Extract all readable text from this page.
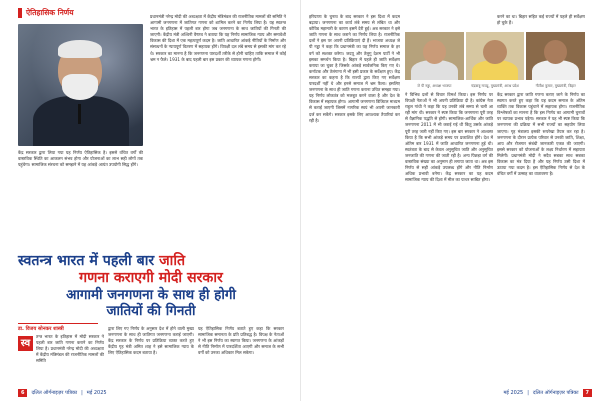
ऐतिहासिक निर्णय

केंद्र सरकार द्वारा लिया गया यह निर्णय ऐतिहासिक है। इससे वंचित वर्गों की वास्तविक स्थिति का आकलन संभव होगा और योजनाओं का लाभ सही लोगों तक पहुंचेगा। सामाजिक संरचना को समझने में यह आंकड़े अत्यंत उपयोगी सिद्ध होंगे।

प्रधानमंत्री नरेन्द्र मोदी की अध्यक्षता में केंद्रीय मंत्रिमंडल की राजनीतिक मामलों की समिति ने आगामी जनगणना में जातिगत गणना को शामिल करने का निर्णय लिया है। यह स्वतन्त्र भारत के इतिहास में पहली बार होगा जब जनगणना के साथ जातियों की गिनती की जाएगी। केंद्रीय मंत्री अश्विनी वैष्णव ने बताया कि यह निर्णय सामाजिक न्याय और समावेशी विकास की दिशा में एक महत्वपूर्ण कदम है। जाति आधारित आंकड़े नीतियों के निर्माण और संसाधनों के न्यायपूर्ण वितरण में सहायक होंगे। विपक्षी दल लंबे समय से इसकी मांग कर रहे थे। सरकार का मानना है कि जनगणना पारदर्शी तरीके से होनी चाहिए ताकि समाज में कोई भ्रम न फैले। 1931 के बाद पहली बार इस प्रकार की व्यापक गणना होगी।

स्वतन्त्र भारत में पहली बार जाति
गणना कराएगी मोदी सरकार
आगामी जनगणना के साथ ही होगी
जातियों की गिनती
डा. विजय सोनकर शास्त्री
स्व

तन्त्र भारत के इतिहास में मोदी सरकार ने पहली बार जाति गणना कराने का निर्णय लिया है। प्रधानमंत्री नरेन्द्र मोदी की अध्यक्षता में केंद्रीय मंत्रिमंडल की राजनीतिक मामलों की समिति

द्वारा लिए गए निर्णय के अनुसार देश में होने वाली मुख्य जनगणना के साथ ही जातिगत जनगणना कराई जाएगी। केंद्र सरकार के निर्णय पर प्रतिक्रिया व्यक्त करते हुए केंद्रीय गृह मंत्री अमित शाह ने इसे सामाजिक न्याय के लिए ऐतिहासिक कदम बताया है।

यह ऐतिहासिक निर्णय बताते हुए कहा कि सरकार सामाजिक समानता के प्रति प्रतिबद्ध है। विपक्ष के नेताओं ने भी इस निर्णय का स्वागत किया। जनगणना के आंकड़ों से नीति निर्माण में पारदर्शिता आएगी और समाज के सभी वर्गों को उनका अधिकार मिल सकेगा।

6	दलित ऑर्गनाइज़र पत्रिका | मई 2025

हरियाणा के चुनाव के बाद सरकार ने इस दिशा में कदम बढ़ाया। जनगणना का कार्य लंबे समय से लंबित था और कोविड महामारी के कारण इसमें देरी हुई। अब सरकार ने इसे जाति गणना के साथ कराने का निर्णय लिया है। राजनीतिक दलों ने इस पर अपनी प्रतिक्रियाएं दी हैं। भाजपा अध्यक्ष जे पी नड्डा ने कहा कि प्रधानमंत्री का यह निर्णय समाज के हर वर्ग को सशक्त करेगा। जदयू और तेलुगु देशम पार्टी ने भी इसका समर्थन किया है। बिहार में पहले ही जाति सर्वेक्षण कराया जा चुका है जिसके आंकड़े सार्वजनिक किए गए थे। कर्नाटक और तेलंगाना में भी इसी प्रकार के सर्वेक्षण हुए। केंद्र सरकार का कहना है कि राज्यों द्वारा किए गए सर्वेक्षण पारदर्शी नहीं थे और इनसे समाज में भ्रम फैला। इसलिए जनगणना के साथ ही जाति गणना कराना उचित समझा गया। यह निर्णय लोकतंत्र को मजबूत करने वाला है और देश के विकास में सहायक होगा। आगामी जनगणना डिजिटल माध्यम से कराई जाएगी जिसमें नागरिक स्वयं भी अपनी जानकारी दर्ज कर सकेंगे। सरकार इसके लिए आवश्यक तैयारियां कर रही है।

करने का था। बिहार सहित कई राज्यों में पहले ही सर्वेक्षण हो चुके हैं।

जे पी नड्डा, अध्यक्ष भाजपा	चंद्रबाबू नायडू, मुख्यमंत्री, आन्ध्र प्रदेश	नीतीश कुमार, मुख्यमंत्री, बिहार

ने विभिन्न दलों से विचार विमर्श किया। इस निर्णय पर विपक्षी नेताओं ने भी अपनी प्रतिक्रिया दी है। कांग्रेस नेता राहुल गांधी ने कहा कि यह उनकी लंबे समय से चली आ रही मांग थी। सरकार ने स्पष्ट किया कि जनगणना पूरी तरह से वैज्ञानिक पद्धति से होगी। सामाजिक-आर्थिक और जाति जनगणना 2011 में भी कराई गई थी किंतु उसके आंकड़े पूरी तरह जारी नहीं किए गए। इस बार सरकार ने आश्वस्त किया है कि सभी आंकड़े समय पर प्रकाशित होंगे। देश में अंतिम बार 1931 में जाति आधारित जनगणना हुई थी। स्वतंत्रता के बाद से केवल अनुसूचित जाति और अनुसूचित जनजाति की गणना की जाती रही है। अन्य पिछड़ा वर्ग की वास्तविक संख्या का अनुमान ही लगाया जाता था। अब इस निर्णय से सही आंकड़े उपलब्ध होंगे और नीति निर्माण अधिक प्रभावी बनेगा। केंद्र सरकार का यह कदम सामाजिक न्याय की दिशा में मील का पत्थर साबित होगा।

केंद्र सरकार द्वारा जाति गणना कराए जाने के निर्णय का स्वागत करते हुए कहा कि यह कदम समाज के अंतिम व्यक्ति तक विकास पहुंचाने में सहायक होगा। राजनीतिक विश्लेषकों का मानना है कि इस निर्णय का आगामी चुनावों पर व्यापक प्रभाव पड़ेगा। सरकार ने यह भी स्पष्ट किया कि जनगणना की प्रक्रिया में सभी राज्यों का सहयोग लिया जाएगा। गृह मंत्रालय इसकी रूपरेखा तैयार कर रहा है। जनगणना के दौरान प्रत्येक परिवार से उनकी जाति, शिक्षा, आय और रोजगार संबंधी जानकारी एकत्र की जाएगी। इससे सरकार को योजनाओं के लक्ष्य निर्धारण में सहायता मिलेगी। प्रधानमंत्री मोदी ने सदैव सबका साथ सबका विकास का मंत्र दिया है और यह निर्णय उसी दिशा में उठाया गया कदम है। इस ऐतिहासिक निर्णय से देश के वंचित वर्गों में उत्साह का वातावरण है।

मई 2025 | दलित ऑर्गनाइज़र पत्रिका	7
